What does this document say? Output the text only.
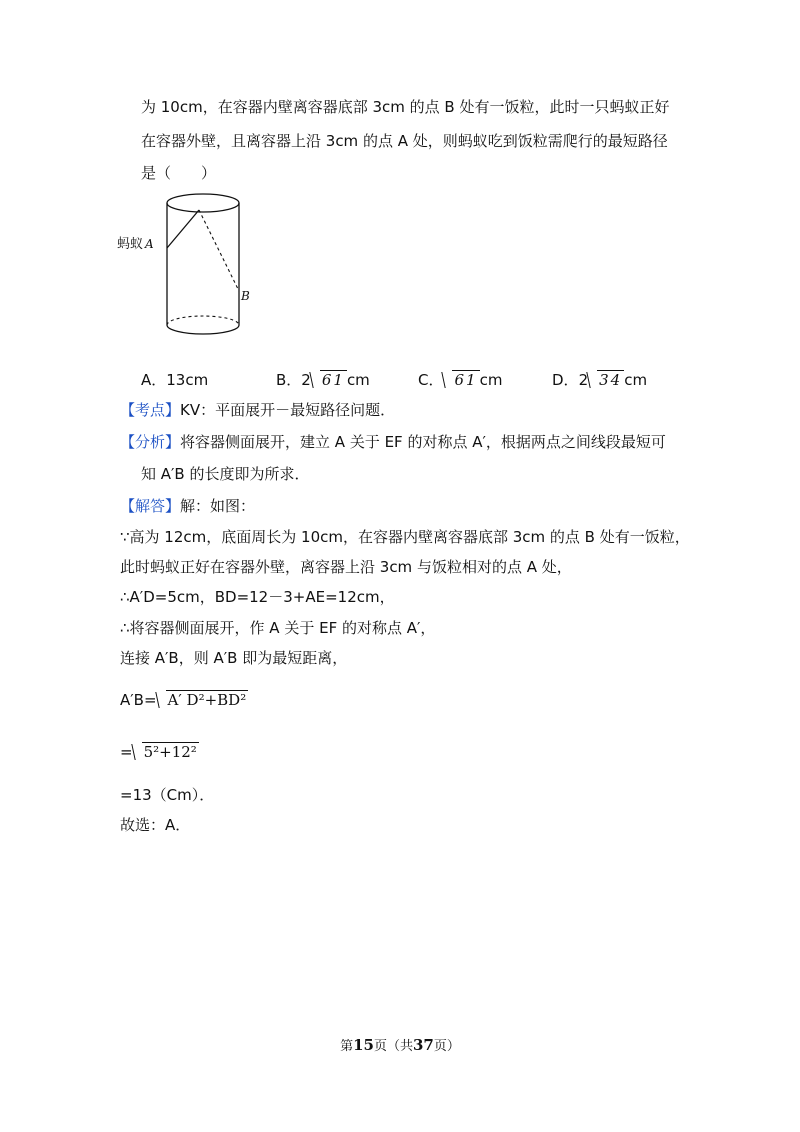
为 10cm，在容器内壁离容器底部 3cm 的点 B 处有一饭粒，此时一只蚂蚁正好
在容器外壁，且离容器上沿 3cm 的点 A 处，则蚂蚁吃到饭粒需爬行的最短路径
是（　　）
蚂蚁 A
B
A．13cm	B．2 61 cm	C． 61 cm	D．2 34 cm
【考点】KV：平面展开－最短路径问题．
【分析】将容器侧面展开，建立 A 关于 EF 的对称点 A′，根据两点之间线段最短可
知 A′B 的长度即为所求．
【解答】解：如图：
∵高为 12cm，底面周长为 10cm，在容器内壁离容器底部 3cm 的点 B 处有一饭粒，
此时蚂蚁正好在容器外壁，离容器上沿 3cm 与饭粒相对的点 A 处，
∴A′D=5cm，BD=12－3+AE=12cm，
∴将容器侧面展开，作 A 关于 EF 的对称点 A′，
连接 A′B，则 A′B 即为最短距离，
A′B= A′ D²+BD²
= 5²+12²
=13（Cm）．
故选：A．
第15页（共37页）
